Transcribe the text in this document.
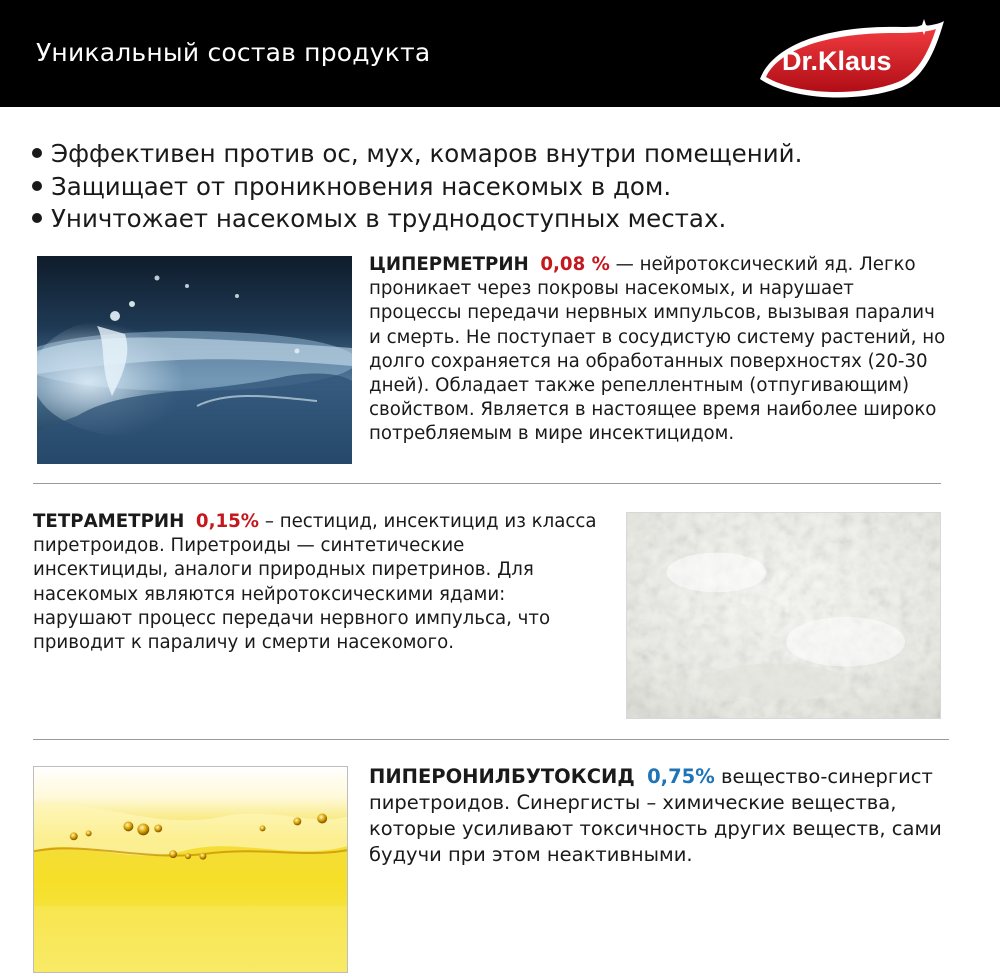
Уникальный состав продукта	Dr.Klaus
Эффективен против ос, мух, комаров внутри помещений.
Защищает от проникновения насекомых в дом.
Уничтожает насекомых в труднодоступных местах.
ЦИПЕРМЕТРИН 0,08 % — нейротоксический яд. Легко
проникает через покровы насекомых, и нарушает
процессы передачи нервных импульсов, вызывая паралич
и смерть. Не поступает в сосудистую систему растений, но
долго сохраняется на обработанных поверхностях (20-30
дней). Обладает также репеллентным (отпугивающим)
свойством. Является в настоящее время наиболее широко
потребляемым в мире инсектицидом.
ТЕТРАМЕТРИН 0,15% – пестицид, инсектицид из класса
пиретроидов. Пиретроиды — синтетические
инсектициды, аналоги природных пиретринов. Для
насекомых являются нейротоксическими ядами:
нарушают процесс передачи нервного импульса, что
приводит к параличу и смерти насекомого.
ПИПЕРОНИЛБУТОКСИД 0,75% вещество-синергист
пиретроидов. Синергисты – химические вещества,
которые усиливают токсичность других веществ, сами
будучи при этом неактивными.
